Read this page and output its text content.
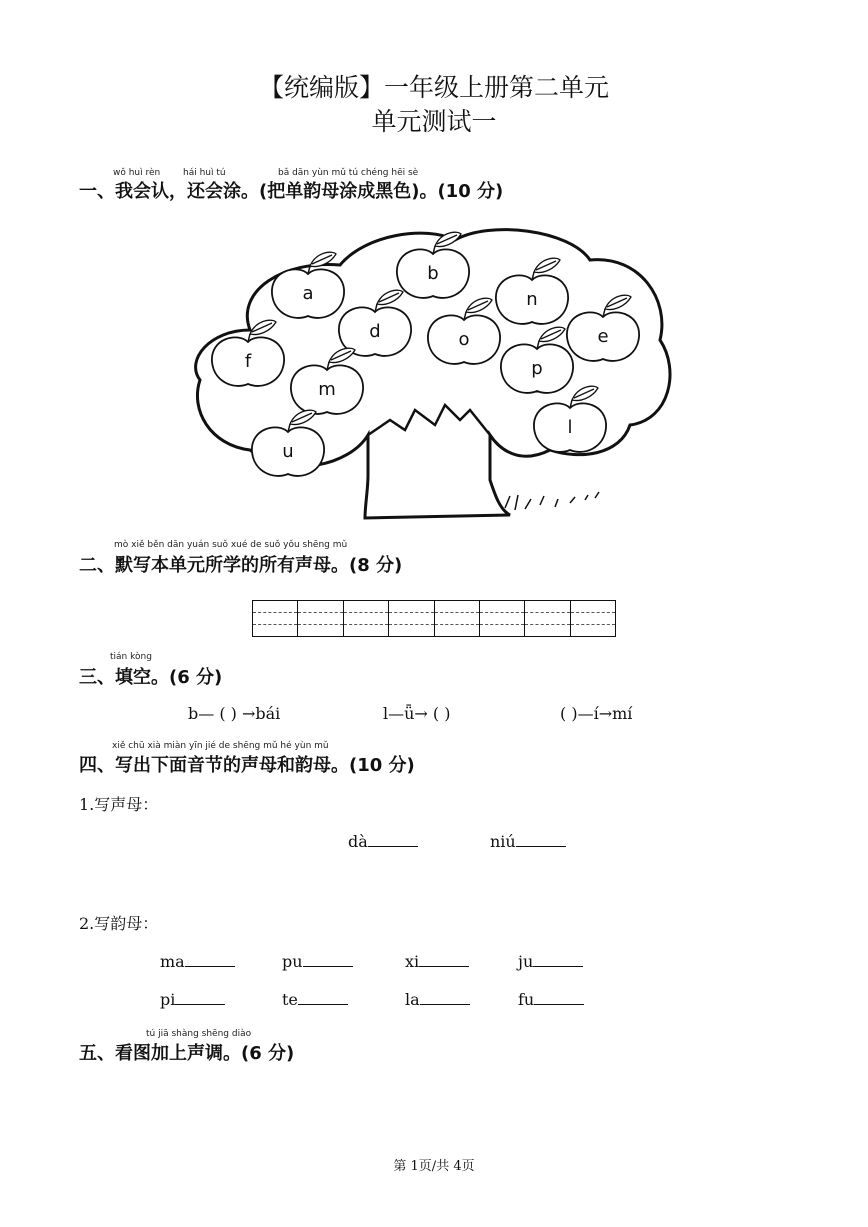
【统编版】一年级上册第二单元
单元测试一
wǒ huì rèn	hái huì tú	bǎ dān yùn mǔ tú chéng hēi sè
一、我会认，还会涂。(把单韵母涂成黑色)。(10 分)
a
b
n
d	o	e
f
m
p
u
l
mò xiě běn dān yuán suǒ xué de suǒ yǒu shēng mǔ
二、默写本单元所学的所有声母。(8 分)
tián kòng
三、填空。(6 分)
b— ( ) →bái	l—ǖ→ ( )	( )—í→mí
xiě chū xià miàn yīn jié de shēng mǔ hé yùn mǔ
四、写出下面音节的声母和韵母。(10 分)
1.写声母：
dà	niú
2.写韵母：
ma	pu	xi	ju
pi	te	la	fu
tú jiā shàng shēng diào
五、看图加上声调。(6 分)
第 1页/共 4页
